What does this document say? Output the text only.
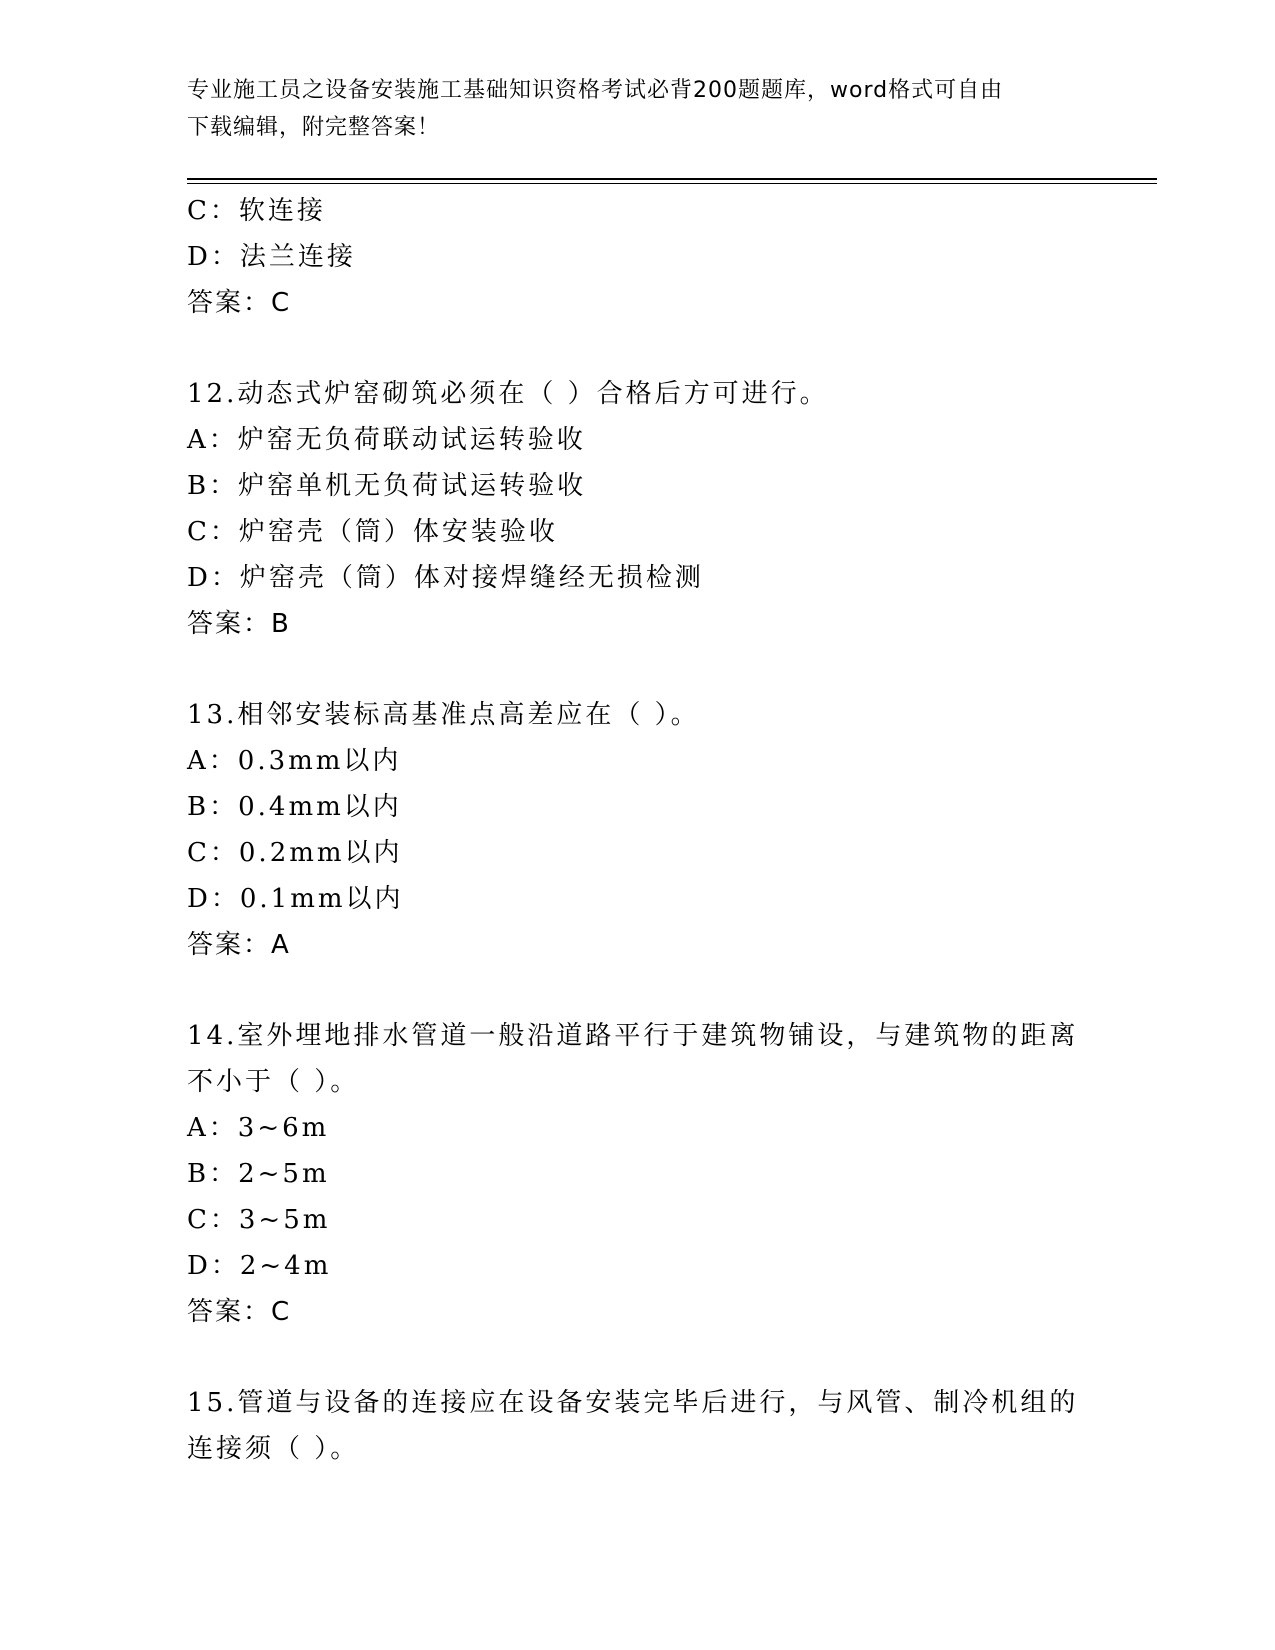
专业施工员之设备安装施工基础知识资格考试必背200题题库，word格式可自由
下载编辑，附完整答案！
C：软连接
D：法兰连接
答案：C
12.动态式炉窑砌筑必须在（ ）合格后方可进行。
A：炉窑无负荷联动试运转验收
B：炉窑单机无负荷试运转验收
C：炉窑壳（筒）体安装验收
D：炉窑壳（筒）体对接焊缝经无损检测
答案：B
13.相邻安装标高基准点高差应在（ ）。
A：0.3mm以内
B：0.4mm以内
C：0.2mm以内
D：0.1mm以内
答案：A
14.室外埋地排水管道一般沿道路平行于建筑物铺设，与建筑物的距离
不小于（ ）。
A：3~6m
B：2~5m
C：3~5m
D：2~4m
答案：C
15.管道与设备的连接应在设备安装完毕后进行，与风管、制冷机组的
连接须（ ）。
